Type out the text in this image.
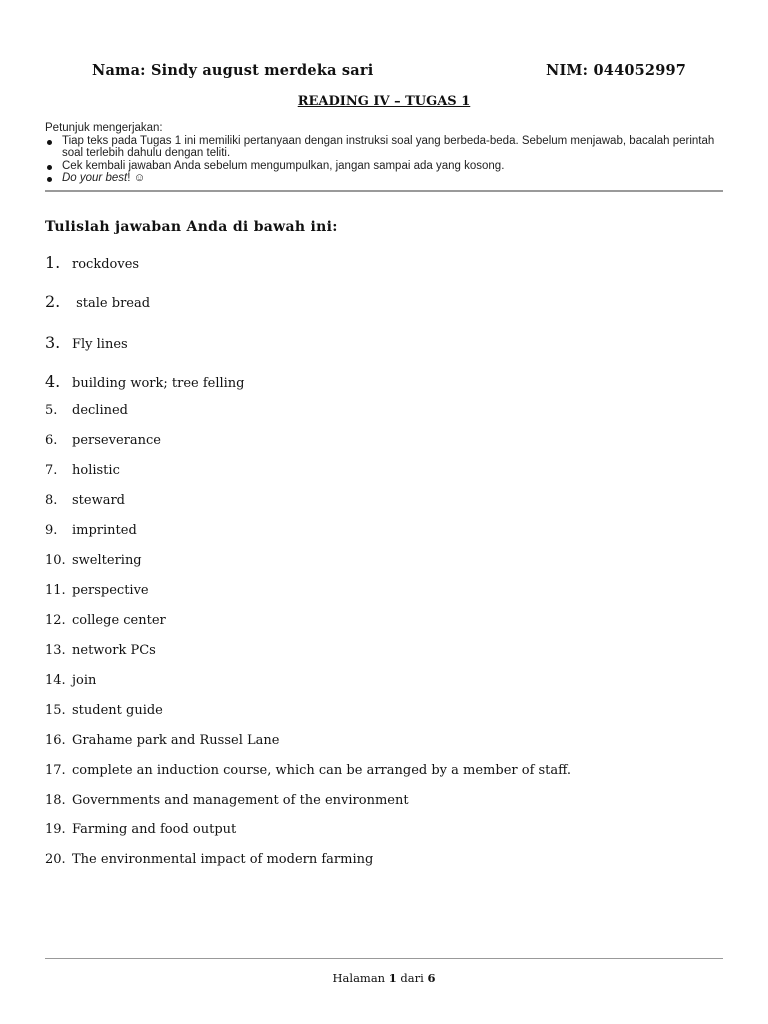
Nama: Sindy august merdeka sari	NIM: 044052997
READING IV – TUGAS 1
Petunjuk mengerjakan:
Tiap teks pada Tugas 1 ini memiliki pertanyaan dengan instruksi soal yang berbeda-beda. Sebelum menjawab, bacalah perintah soal terlebih dahulu dengan teliti.
Cek kembali jawaban Anda sebelum mengumpulkan, jangan sampai ada yang kosong.
Do your best! ☺
Tulislah jawaban Anda di bawah ini:
1. rockdoves
2. stale bread
3. Fly lines
4. building work; tree felling
5. declined
6. perseverance
7. holistic
8. steward
9. imprinted
10. sweltering
11. perspective
12. college center
13. network PCs
14. join
15. student guide
16. Grahame park and Russel Lane
17. complete an induction course, which can be arranged by a member of staff.
18. Governments and management of the environment
19. Farming and food output
20. The environmental impact of modern farming
Halaman 1 dari 6
